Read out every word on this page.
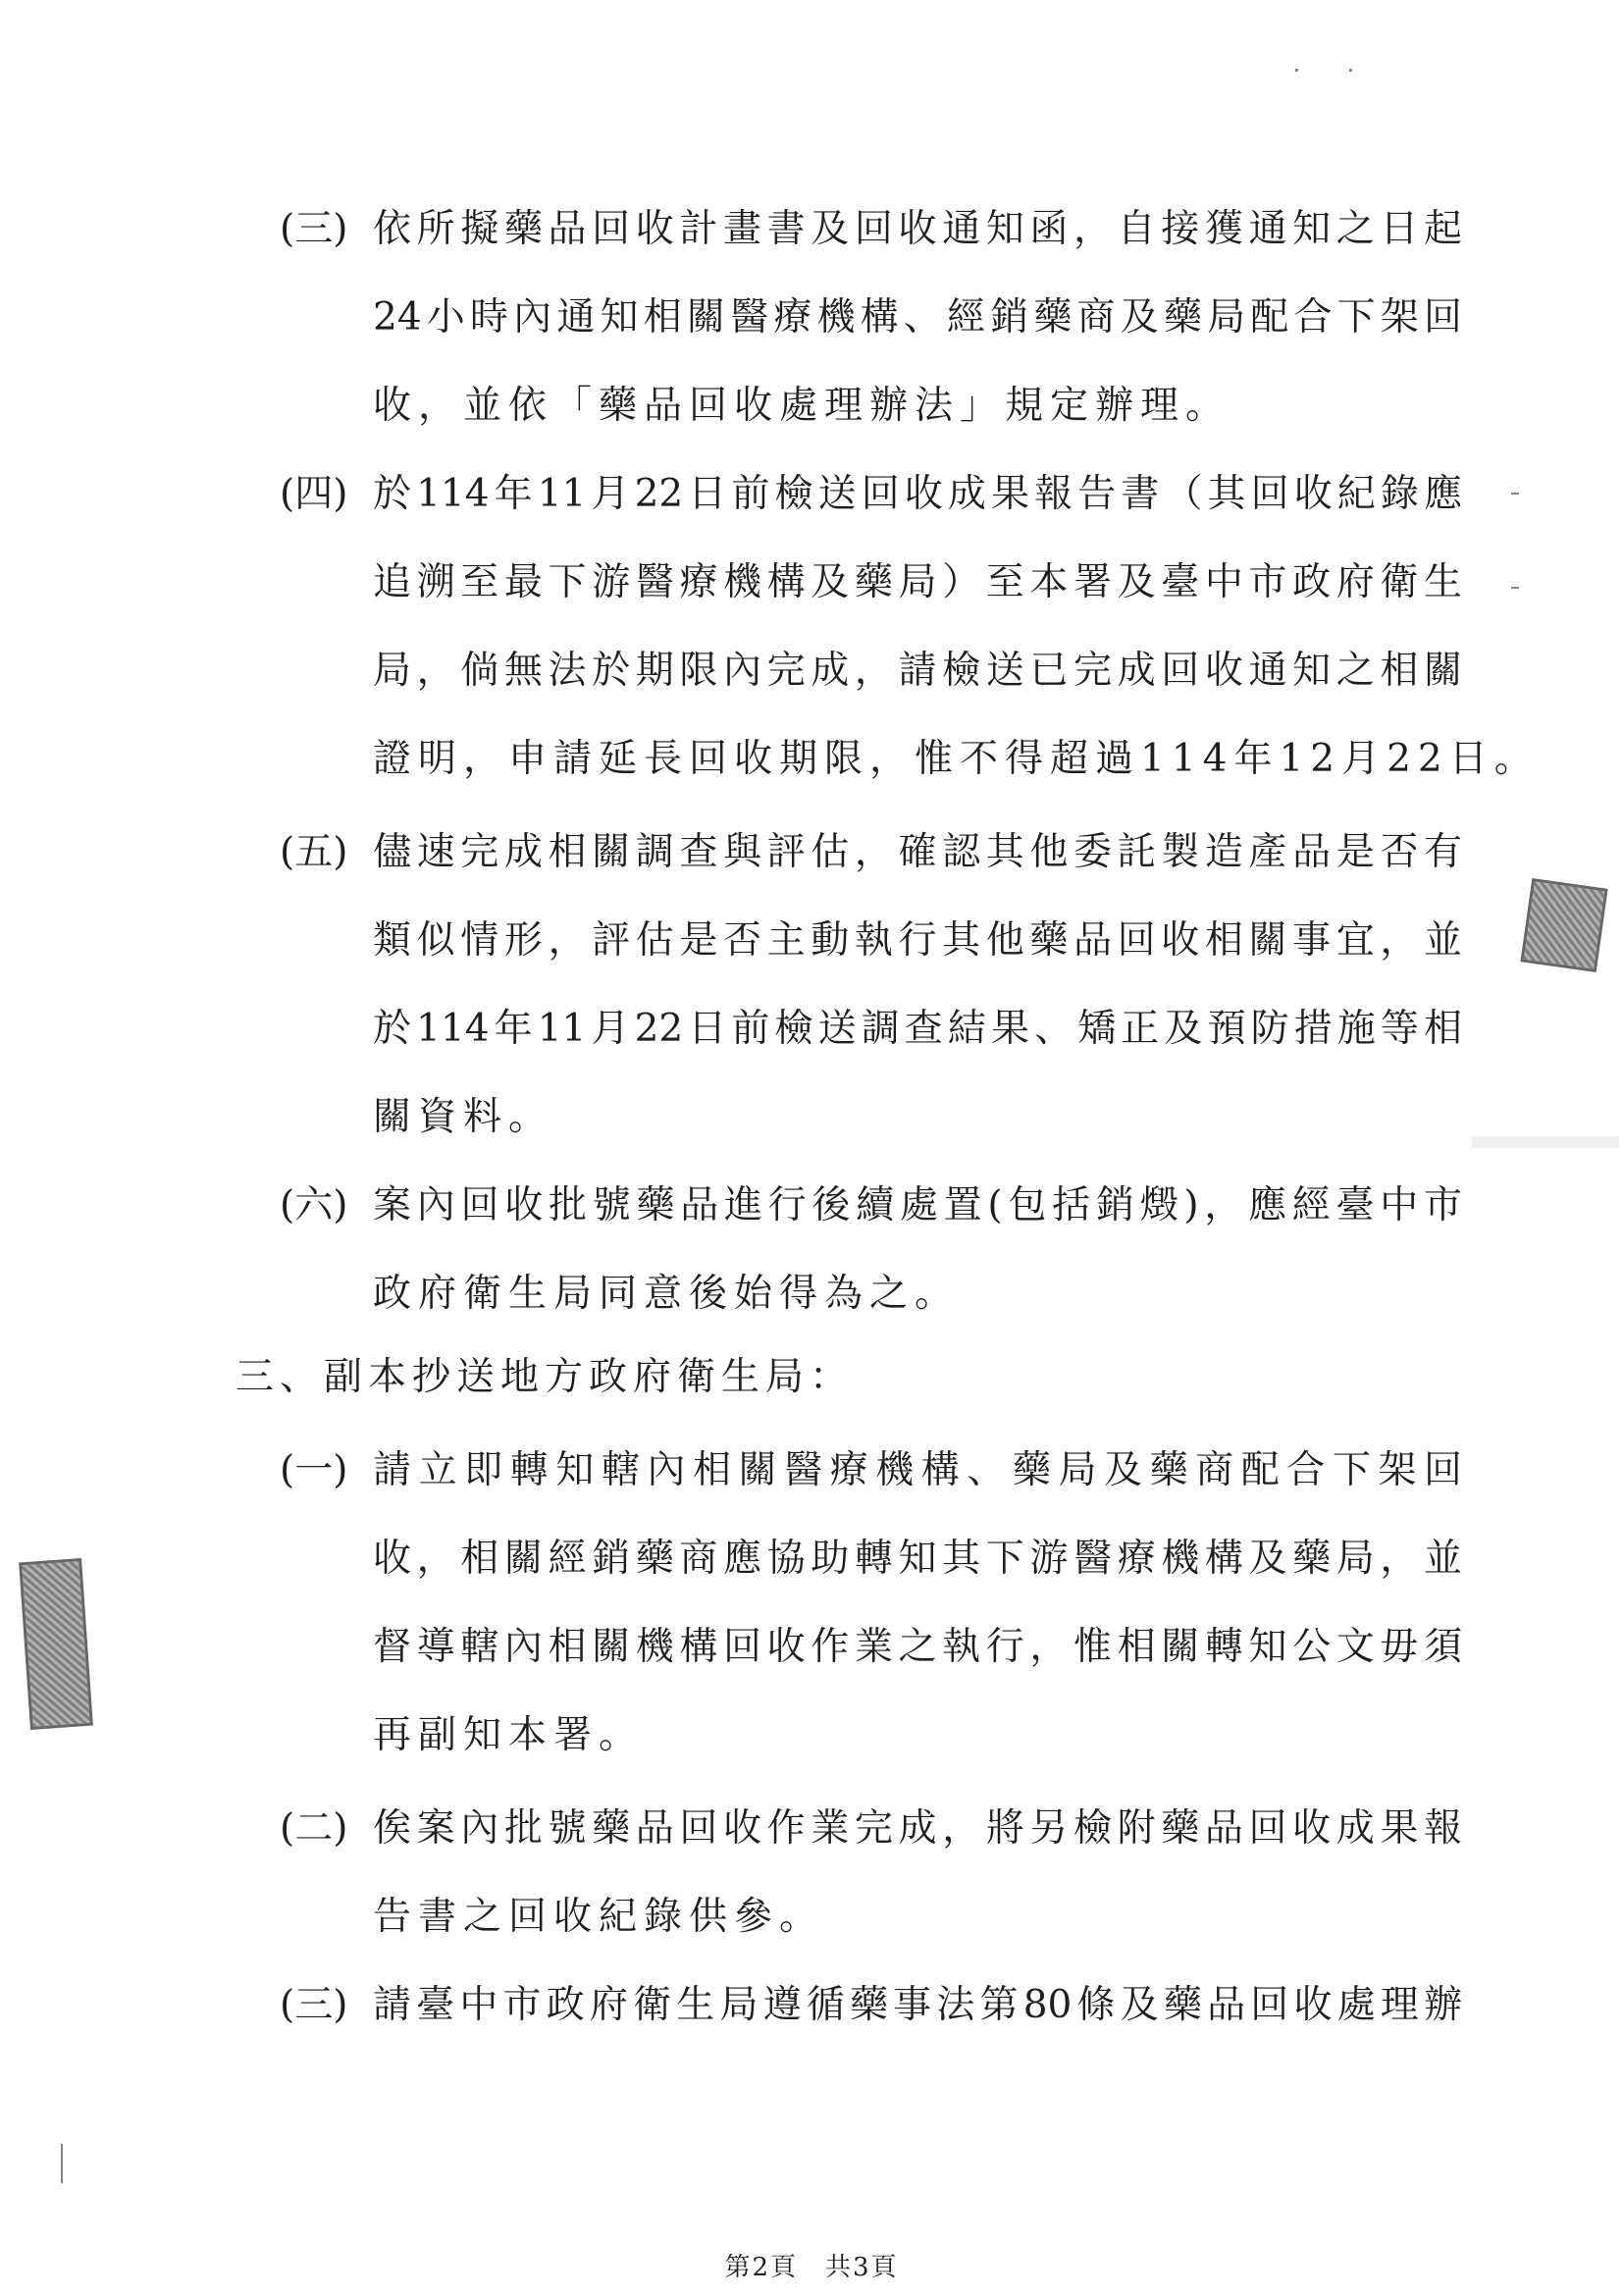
(三) 依所擬藥品回收計畫書及回收通知函，自接獲通知之日起
24小時內通知相關醫療機構、經銷藥商及藥局配合下架回
收，並依「藥品回收處理辦法」規定辦理。
(四) 於114年11月22日前檢送回收成果報告書（其回收紀錄應
追溯至最下游醫療機構及藥局）至本署及臺中市政府衛生
局，倘無法於期限內完成，請檢送已完成回收通知之相關
證明，申請延長回收期限，惟不得超過114年12月22日。
(五) 儘速完成相關調查與評估，確認其他委託製造產品是否有
類似情形，評估是否主動執行其他藥品回收相關事宜，並
於114年11月22日前檢送調查結果、矯正及預防措施等相
關資料。
(六) 案內回收批號藥品進行後續處置(包括銷燬)，應經臺中市
政府衛生局同意後始得為之。
三、副本抄送地方政府衛生局：
(一) 請立即轉知轄內相關醫療機構、藥局及藥商配合下架回
收，相關經銷藥商應協助轉知其下游醫療機構及藥局，並
督導轄內相關機構回收作業之執行，惟相關轉知公文毋須
再副知本署。
(二) 俟案內批號藥品回收作業完成，將另檢附藥品回收成果報
告書之回收紀錄供參。
(三) 請臺中市政府衛生局遵循藥事法第80條及藥品回收處理辦
第2頁　共3頁
